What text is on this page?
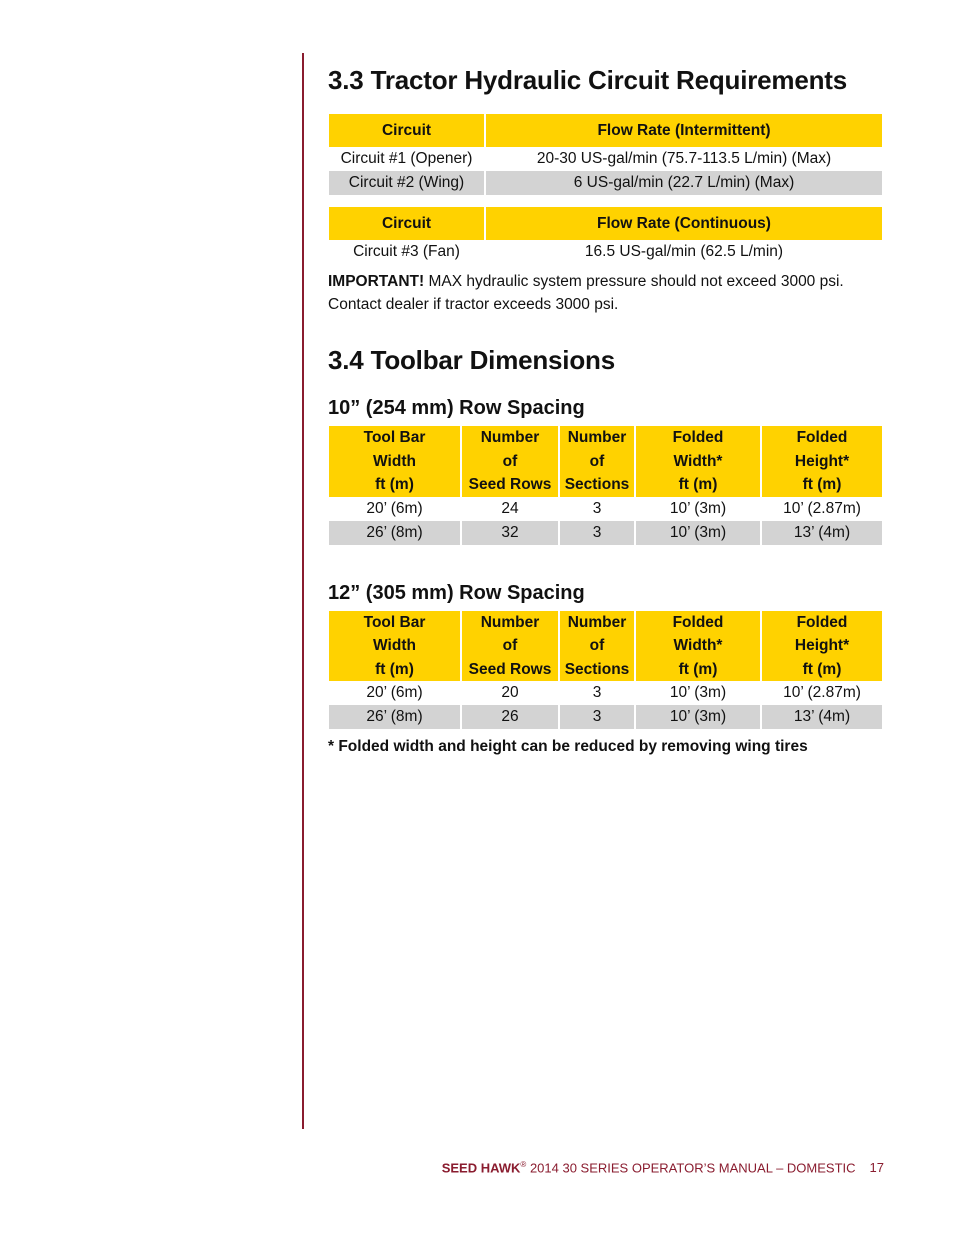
3.3 Tractor Hydraulic Circuit Requirements
Circuit	Flow Rate (Intermittent)
Circuit #1 (Opener)	20-30 US-gal/min (75.7-113.5 L/min) (Max)
Circuit #2 (Wing)	6 US-gal/min (22.7 L/min) (Max)
Circuit	Flow Rate (Continuous)
Circuit #3 (Fan)	16.5 US-gal/min (62.5 L/min)

IMPORTANT! MAX hydraulic system pressure should not exceed 3000 psi. Contact dealer if tractor exceeds 3000 psi.

3.4 Toolbar Dimensions
10” (254 mm) Row Spacing
Tool Bar
Width
ft (m)	Number
of
Seed Rows	Number
of
Sections	Folded
Width*
ft (m)	Folded
Height*
ft (m)
20’ (6m)	24	3	10’ (3m)	10’ (2.87m)
26’ (8m)	32	3	10’ (3m)	13’ (4m)
12” (305 mm) Row Spacing
Tool Bar
Width
ft (m)	Number
of
Seed Rows	Number
of
Sections	Folded
Width*
ft (m)	Folded
Height*
ft (m)
20’ (6m)	20	3	10’ (3m)	10’ (2.87m)
26’ (8m)	26	3	10’ (3m)	13’ (4m)
* Folded width and height can be reduced by removing wing tires
SEED HAWK® 2014 30 SERIES OPERATOR’S MANUAL – DOMESTIC 17
